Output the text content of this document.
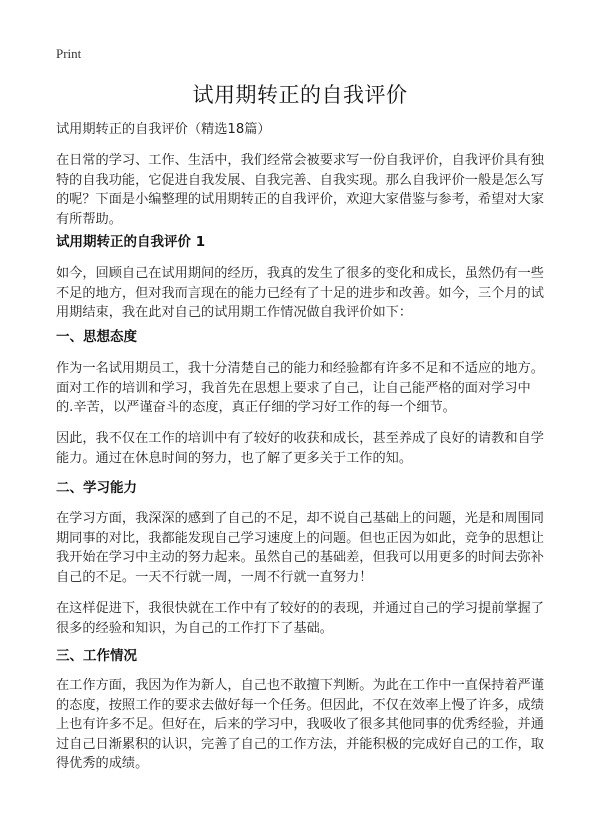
Print
试用期转正的自我评价

试用期转正的自我评价（精选18篇）

在日常的学习、工作、生活中，我们经常会被要求写一份自我评价，自我评价具有独特的自我功能，它促进自我发展、自我完善、自我实现。那么自我评价一般是怎么写的呢？下面是小编整理的试用期转正的自我评价，欢迎大家借鉴与参考，希望对大家有所帮助。

试用期转正的自我评价 1

如今，回顾自己在试用期间的经历，我真的发生了很多的变化和成长，虽然仍有一些不足的地方，但对我而言现在的能力已经有了十足的进步和改善。如今，三个月的试用期结束，我在此对自己的试用期工作情况做自我评价如下：

一、思想态度

作为一名试用期员工，我十分清楚自己的能力和经验都有许多不足和不适应的地方。面对工作的培训和学习，我首先在思想上要求了自己，让自己能严格的面对学习中的.辛苦，以严谨奋斗的态度，真正仔细的学习好工作的每一个细节。

因此，我不仅在工作的培训中有了较好的收获和成长，甚至养成了良好的请教和自学能力。通过在休息时间的努力，也了解了更多关于工作的知。

二、学习能力

在学习方面，我深深的感到了自己的不足，却不说自己基础上的问题，光是和周围同期同事的对比，我都能发现自己学习速度上的问题。但也正因为如此，竞争的思想让我开始在学习中主动的努力起来。虽然自己的基础差，但我可以用更多的时间去弥补自己的不足。一天不行就一周，一周不行就一直努力！

在这样促进下，我很快就在工作中有了较好的的表现，并通过自己的学习提前掌握了很多的经验和知识，为自己的工作打下了基础。

三、工作情况

在工作方面，我因为作为新人，自己也不敢擅下判断。为此在工作中一直保持着严谨的态度，按照工作的要求去做好每一个任务。但因此，不仅在效率上慢了许多，成绩上也有许多不足。但好在，后来的学习中，我吸收了很多其他同事的优秀经验，并通过自己日渐累积的认识，完善了自己的工作方法，并能积极的完成好自己的工作，取得优秀的成绩。
